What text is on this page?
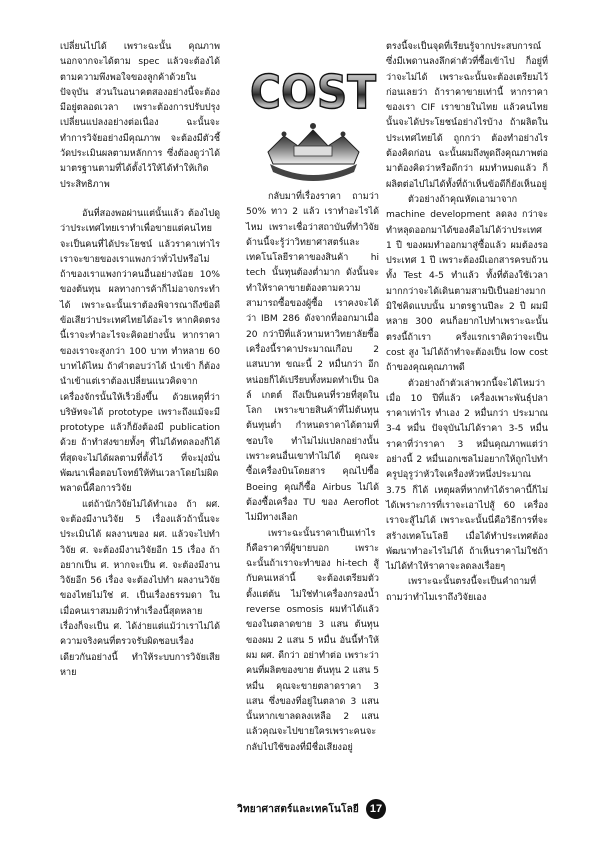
เปลี่ยนไปได้ เพราะฉะนั้น คุณภาพนอกจากจะได้ตาม spec แล้วจะต้องได้ตามความพึงพอใจของลูกค้าด้วยในปัจจุบัน ส่วนในอนาคตสองอย่างนี้จะต้องมีอยู่ตลอดเวลา เพราะต้องการปรับปรุงเปลี่ยนแปลงอย่างต่อเนื่อง ฉะนั้นจะทำการวิจัยอย่างมีคุณภาพ จะต้องมีตัวชี้วัดประเมินผลตามหลักการ ซึ่งต้องดูว่าได้มาตรฐานตามที่ได้ตั้งไว้ให้ได้ทำให้เกิดประสิทธิภาพ

อันที่สองพอผ่านแต่นั้นแล้ว ต้องไปดูว่าประเทศไทยเราทำเพื่อขายแต่คนไทยจะเป็นคนที่ได้ประโยชน์ แล้วราคาเท่าไร เราจะขายของเราแพงกว่าทั่วไปหรือไม่ ถ้าของเราแพงกว่าคนอื่นอย่างน้อย 10% ของต้นทุน ผลทางการค้าก็ไม่อาจกระทำได้ เพราะฉะนั้นเราต้องพิจารณาถึงข้อดีข้อเสียว่าประเทศไทยได้อะไร หากคิดตรงนี้เราจะทำอะไรจะคิดอย่างนั้น หากราคาของเราจะสูงกว่า 100 บาท ทำหลาย 60 บาทได้ไหม ถ้าคำตอบว่าได้ นำเข้า ก็ต้องนำเข้าแต่เราต้องเปลี่ยนแนวคิดจากเครื่องจักรนั้นให้เร็วยิ่งขึ้น ด้วยเหตุที่ว่าบริษัทจะได้ prototype เพราะถึงแม้จะมี prototype แล้วก็ยังต้องมี publication ด้วย ถ้าทำส่งขายทั้งๆ ที่ไม่ได้ทดลองก็ได้ ที่สุดจะไม่ได้ผลตามที่ตั้งไว้ ที่จะมุ่งมั่นพัฒนาเพื่อตอบโจทย์ให้ทันเวลาโดยไม่ผิดพลาดนี้คือการวิจัย

แต่ถ้านักวิจัยไม่ได้ทำเอง ถ้า ผศ. จะต้องมีงานวิจัย 5 เรื่องแล้วถ้านั้นจะประเมินได้ ผลงานของ ผศ. แล้วจะไปทำวิจัย ศ. จะต้องมีงานวิจัยอีก 15 เรื่อง ถ้าอยากเป็น ศ. หากจะเป็น ศ. จะต้องมีงานวิจัยอีก 56 เรื่อง จะต้องไปทำ ผลงานวิจัยของไทยไม่ใช่ ศ. เป็นเรื่องธรรมดา ในเมื่อคนเราสมมติว่าทำเรื่องนี้สุดหลายเรื่องก็จะเป็น ศ. ได้ง่ายแต่แม้ว่าเราไม่ได้ความจริงคนที่ตรวจรับผิดชอบเรื่องเดียวกันอย่างนี้ ทำให้ระบบการวิจัยเสียหาย

COST

กลับมาที่เรื่องราคา ถามว่า 50% ทาว 2 แล้ว เราทำอะไรได้ไหม เพราะเชื่อว่าสถาบันที่ทำวิจัยด้านนี้จะรู้ว่าวิทยาศาสตร์และเทคโนโลยีราคาของสินค้า hi tech นั้นทุนต้องต่ำมาก ดังนั้นจะทำให้ราคาขายต้องตามความสามารถซื้อของผู้ซื้อ เราคงจะได้ว่า IBM 286 ดังจากที่ออกมาเมื่อ 20 กว่าปีที่แล้วหามหาวิทยาลัยซื้อเครื่องนี้ราคาประมาณเกือบ 2 แสนบาท ขณะนี้ 2 หมื่นกว่า อีกหน่อยก็ได้เปรียบทั้งหมดทำเป็น บิลล์ เกตต์ ถึงเป็นคนที่รวยที่สุดในโลก เพราะขายสินค้าที่ไม่ต้นทุน ต้นทุนต่ำ กำหนดราคาได้ตามที่ชอบใจ ทำไมไม่แปลกอย่างนั้นเพราะคนอื่นเขาทำไม่ได้ คุณจะซื้อเครื่องบินโดยสาร คุณไปซื้อ Boeing คุณก็ซื้อ Airbus ไม่ได้ต้องซื้อเครื่อง TU ของ Aeroflot ไม่มีทางเลือก

เพราะฉะนั้นราคาเป็นเท่าไรก็คือราคาที่ผู้ขายบอก เพราะฉะนั้นถ้าเราจะทำของ hi-tech สู้กับคนเหล่านี้ จะต้องเตรียมตัวตั้งแต่ต้น ไม่ใช่ทำเครื่องกรองน้ำ reverse osmosis ผมทำได้แล้วของในตลาดขาย 3 แสน ต้นทุนของผม 2 แสน 5 หมื่น อันนี้ทำให้ผม ผศ. ดีกว่า อย่าทำต่อ เพราะว่าคนที่ผลิตของขาย ต้นทุน 2 แสน 5 หมื่น คุณจะขายตลาดราคา 3 แสน ซึ่งของที่อยู่ในตลาด 3 แสนนั้นหากเขาลดลงเหลือ 2 แสน แล้วคุณจะไปขายใครเพราะคนจะกลับไปใช้ของที่มีชื่อเสียงอยู่

ตรงนี้จะเป็นจุดที่เรียนรู้จากประสบการณ์ ซึ่งมีเพดานลงลึกค่าตัวที่ซื้อเข้าไป ก็อยู่ที่ว่าจะไม่ได้ เพราะฉะนั้นจะต้องเตรียมไว้ก่อนเลยว่า ถ้าราคาขายเท่านี้ หากราคาของเรา CIF เราขายในไทย แล้วคนไทยนั้นจะได้ประโยชน์อย่างไรบ้าง ถ้าผลิตในประเทศไทยได้ ถูกกว่า ต้องทำอย่างไร ต้องคิดก่อน ฉะนั้นผมถึงพูดถึงคุณภาพต่อมาต้องคิดว่าหรือดีกว่า ผมทำหมดแล้ว ก็ผลิตต่อไปไม่ได้ทั้งที่ถ้าเห็นข้อดีก็ยังเห็นอยู่

ตัวอย่างถ้าคุณหัดเอามาจาก machine development ลดลง กว่าจะทำหลุดออกมาได้ของคือไม่ได้ว่าประเทศ 1 ปี ของผมทำออกมาสู่ซื้อแล้ว ผมต้องรอประเทศ 1 ปี เพราะต้องมีเอกสารครบถ้วน ทั้ง Test 4-5 ทำแล้ว ทั้งที่ต้องใช้เวลามากกว่าจะได้เดินตามสามปีเป็นอย่างมาก มิใช่คิดแบบนั้น มาตรฐานปีละ 2 ปี ผมมีหลาย 300 คนก็อยากไปทำเพราะฉะนั้นตรงนี้ถ้าเรา ครึ่งแรกเราคิดว่าจะเป็น cost สูง ไม่ได้ถ้าทำจะต้องเป็น low cost ถ้าของคุณคุณภาพดี

ตัวอย่างถ้าตัวเล่าพวกนี้จะได้ไหมว่า เมื่อ 10 ปีที่แล้ว เครื่องเพาะพันธุ์ปลา ราคาเท่าไร ทำเอง 2 หมื่นกว่า ประมาณ 3-4 หมื่น ปัจจุบันไม่ได้ราคา 3-5 หมื่น ราคาที่ว่าราคา 3 หมื่นคุณภาพแต่ว่าอย่างนี้ 2 หมื่นเอกเซลไม่อยากให้ถูกไปทำ ครูปอุรูว่าหัวใจเครื่องหัวหนึ่งประมาณ 3.75 ก็ได้ เหตุผลที่หากทำได้ราคานี้ก็ไม่ได้เพราะการที่เราจะเอาไปสู้ 60 เครื่อง เราจะสู้ไม่ได้ เพราะฉะนั้นนี่คือวิธีการที่จะสร้างเทคโนโลยี เมื่อได้ทำประเทศต้องพัฒนาทำอะไรไม่ได้ ถ้าเห็นราคาไม่ใช่ถ้าไม่ได้ทำให้ราคาจะลดลงเรื่อยๆ

เพราะฉะนั้นตรงนี้จะเป็นคำถามที่ถามว่าทำไมเราถึงวิจัยเอง

วิทยาศาสตร์และเทคโนโลยี 17
